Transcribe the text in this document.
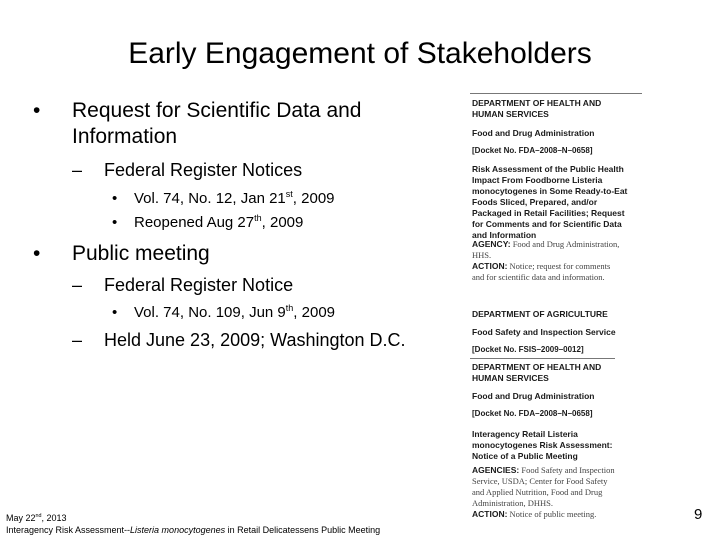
Early Engagement of Stakeholders
• Request for Scientific Data and
Information
– Federal Register Notices
• Vol. 74, No. 12, Jan 21st, 2009
• Reopened Aug 27th, 2009
• Public meeting
– Federal Register Notice
• Vol. 74, No. 109, Jun 9th, 2009
– Held June 23, 2009; Washington D.C.
DEPARTMENT OF HEALTH AND
HUMAN SERVICES
Food and Drug Administration
[Docket No. FDA–2008–N–0658]
Risk Assessment of the Public Health
Impact From Foodborne Listeria
monocytogenes in Some Ready-to-Eat
Foods Sliced, Prepared, and/or
Packaged in Retail Facilities; Request
for Comments and for Scientific Data
and Information
AGENCY: Food and Drug Administration,
HHS.
ACTION: Notice; request for comments
and for scientific data and information.
DEPARTMENT OF AGRICULTURE
Food Safety and Inspection Service
[Docket No. FSIS–2009–0012]
DEPARTMENT OF HEALTH AND
HUMAN SERVICES
Food and Drug Administration
[Docket No. FDA–2008–N–0658]
Interagency Retail Listeria
monocytogenes Risk Assessment:
Notice of a Public Meeting
AGENCIES: Food Safety and Inspection
Service, USDA; Center for Food Safety
and Applied Nutrition, Food and Drug
Administration, DHHS.
ACTION: Notice of public meeting.
May 22nd, 2013
Interagency Risk Assessment--Listeria monocytogenes in Retail Delicatessens Public Meeting
9
